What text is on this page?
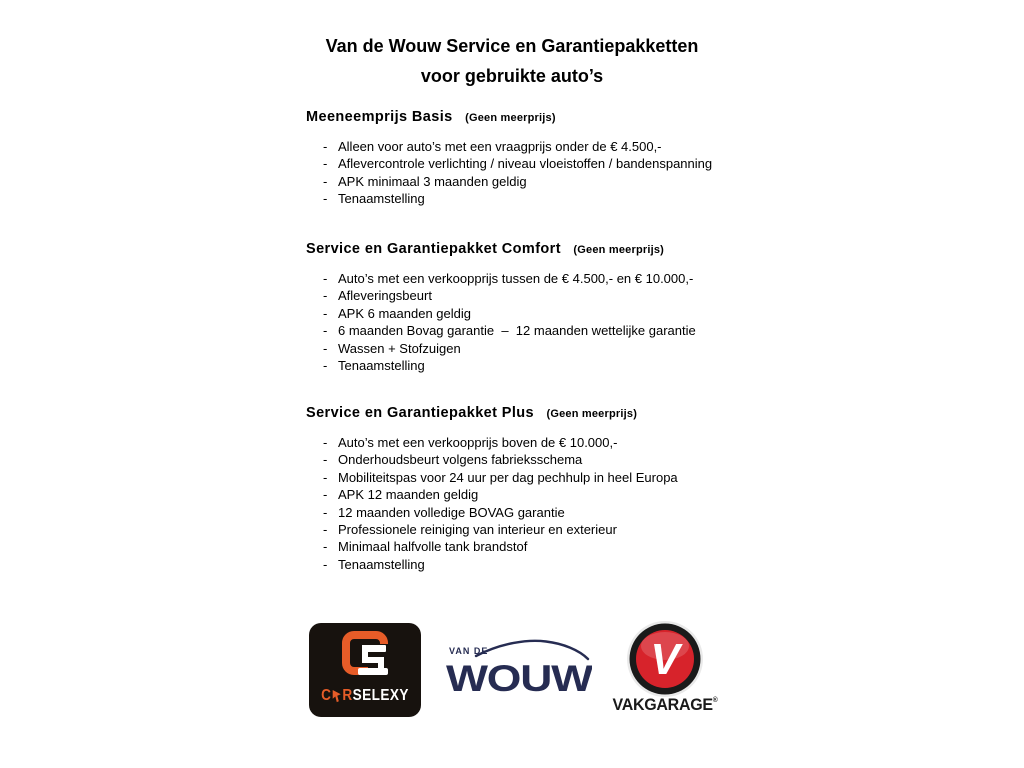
Van de Wouw Service en Garantiepakketten
voor gebruikte auto’s
Meeneemprijs Basis (Geen meerprijs)
- Alleen voor auto’s met een vraagprijs onder de € 4.500,-
- Aflevercontrole verlichting / niveau vloeistoffen / bandenspanning
- APK minimaal 3 maanden geldig
- Tenaamstelling
Service en Garantiepakket Comfort (Geen meerprijs)
- Auto’s met een verkoopprijs tussen de € 4.500,- en € 10.000,-
- Afleveringsbeurt
- APK 6 maanden geldig
- 6 maanden Bovag garantie  –  12 maanden wettelijke garantie
- Wassen + Stofzuigen
- Tenaamstelling
Service en Garantiepakket Plus (Geen meerprijs)
- Auto’s met een verkoopprijs boven de € 10.000,-
- Onderhoudsbeurt volgens fabrieksschema
- Mobiliteitspas voor 24 uur per dag pechhulp in heel Europa
- APK 12 maanden geldig
- 12 maanden volledige BOVAG garantie
- Professionele reiniging van interieur en exterieur
- Minimaal halfvolle tank brandstof
- Tenaamstelling
C R SELEXY
VAN DE
WOUW V
VAKGARAGE®
